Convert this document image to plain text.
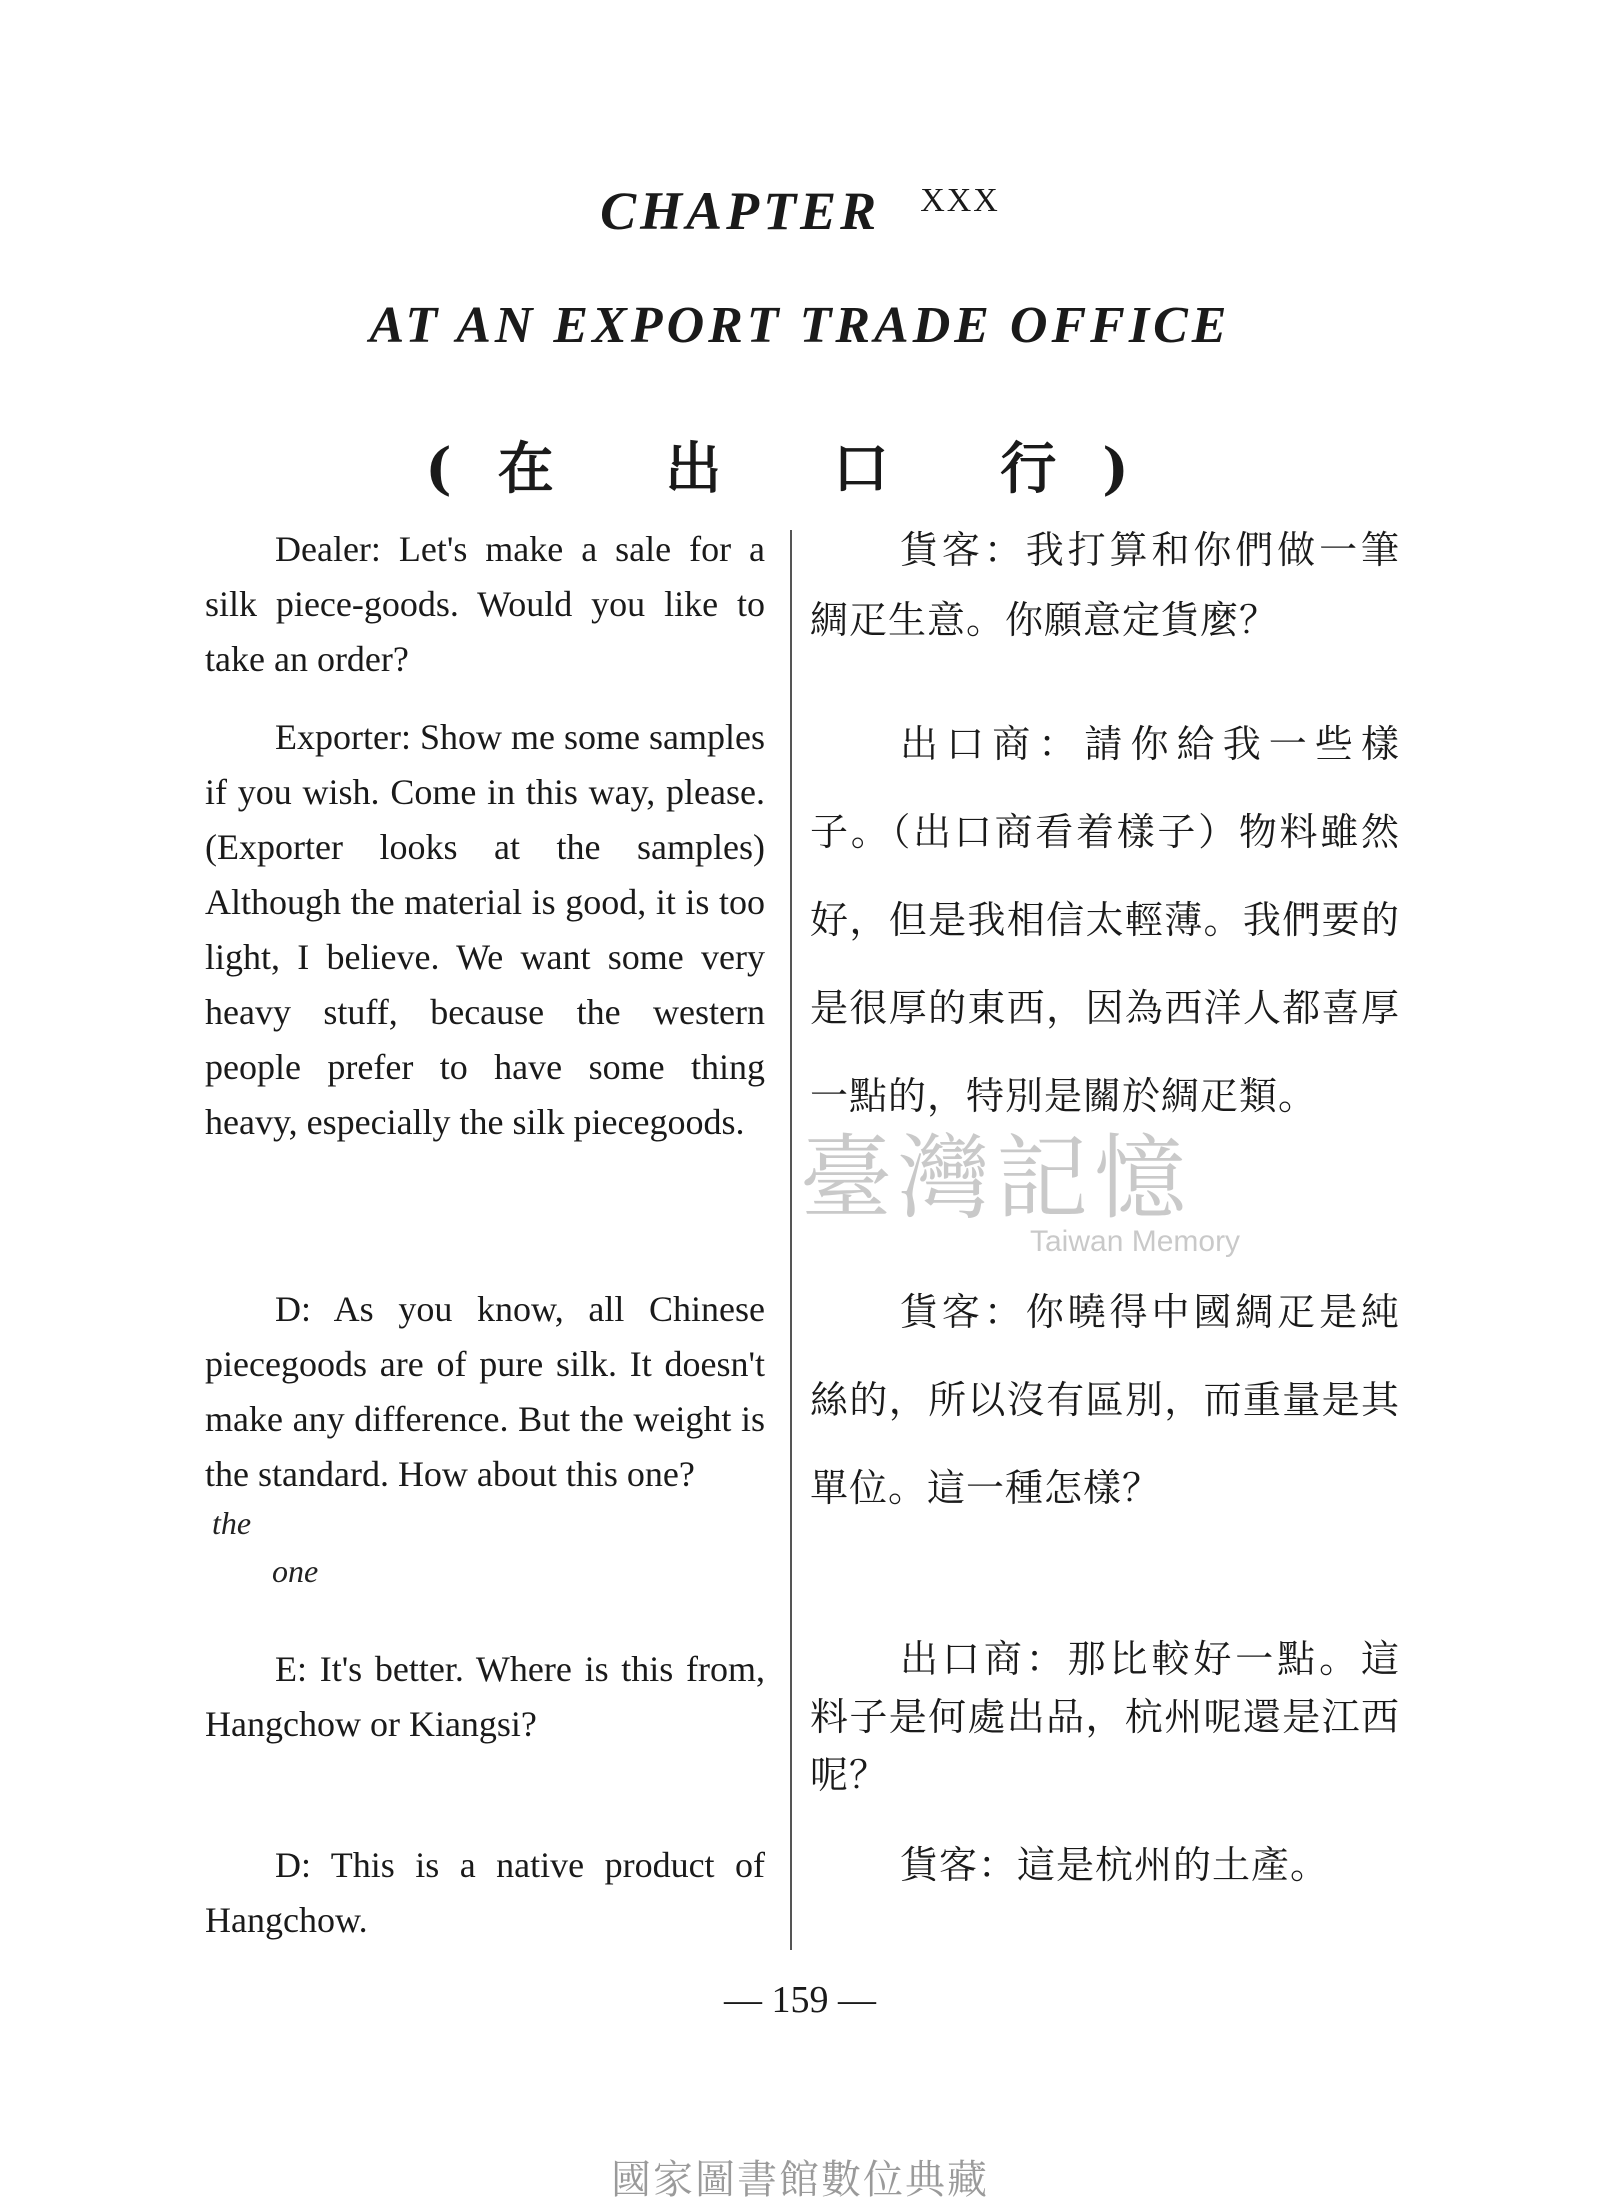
CHAPTER $^{XXX}$
AT AN EXPORT TRADE OFFICE
(在 出 口 行)

Dealer: Let's make a sale for a silk piece-goods. Would you like to take an order?

Exporter: Show me some samples if you wish. Come in this way, please. (Exporter looks at the samples) Although the material is good, it is too light, I believe. We want some very heavy stuff, because the western people prefer to have some thing heavy, especially the silk piecegoods.

D: As you know, all Chinese piecegoods are of pure silk. It doesn't make any difference. But the weight is the standard. How about this one?

E: It's better. Where is this from, Hangchow or Kiangsi?

D: This is a native product of Hangchow.

貨客：我打算和你們做一筆綢疋生意。你願意定貨麼？

出口商：請你給我一些樣子。（出口商看着樣子）物料雖然好，但是我相信太輕薄。我們要的是很厚的東西，因為西洋人都喜厚一點的，特別是關於綢疋類。

貨客：你曉得中國綢疋是純絲的，所以沒有區別，而重量是其單位。這一種怎樣？

出口商：那比較好一點。這料子是何處出品，杭州呢還是江西呢？

貨客：這是杭州的土產。

the
one
臺灣記憶
Taiwan Memory
— 159 —
國家圖書館數位典藏
